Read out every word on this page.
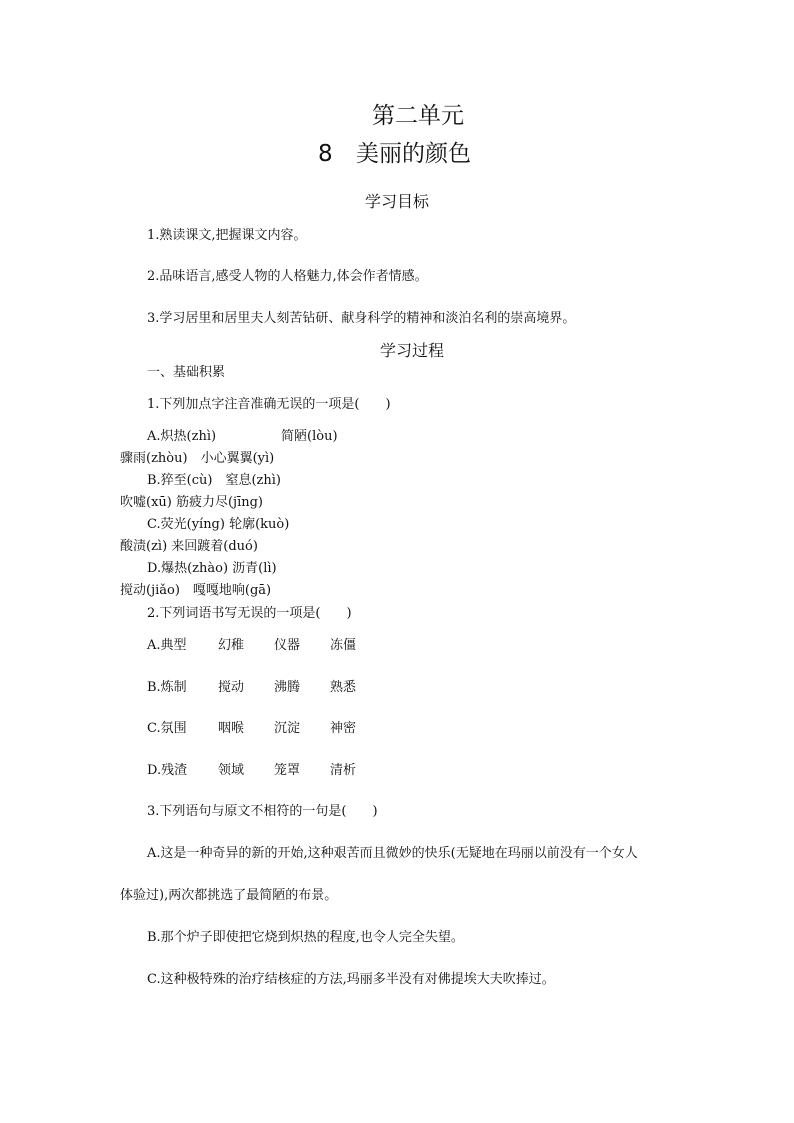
第二单元
8 美丽的颜色
学习目标
1.熟读课文,把握课文内容。
2.品味语言,感受人物的人格魅力,体会作者情感。
3.学习居里和居里夫人刻苦钻研、献身科学的精神和淡泊名利的崇高境界。
学习过程
一、基础积累
1.下列加点字注音准确无误的一项是(　　)
A.炽热(zhì)　　　　　简陋(lòu)
骤雨(zhòu)　小心翼翼(yì)
B.猝至(cù)　窒息(zhì)
吹嘘(xū) 筋疲力尽(jīng)
C.荧光(yíng) 轮廓(kuò)
酸渍(zì) 来回踱着(duó)
D.爆热(zhào) 沥青(lì)
搅动(jiǎo)　嘎嘎地响(gā)
2.下列词语书写无误的一项是(　　)
A.典型 幻稚 仪器 冻僵
B.炼制 搅动 沸腾 熟悉
C.氛围 咽喉 沉淀 神密
D.残渣 领域 笼罩 清析
3.下列语句与原文不相符的一句是(　　)
A.这是一种奇异的新的开始,这种艰苦而且微妙的快乐(无疑地在玛丽以前没有一个女人
体验过),两次都挑选了最简陋的布景。
B.那个炉子即使把它烧到炽热的程度,也令人完全失望。
C.这种极特殊的治疗结核症的方法,玛丽多半没有对佛提埃大夫吹捧过。
